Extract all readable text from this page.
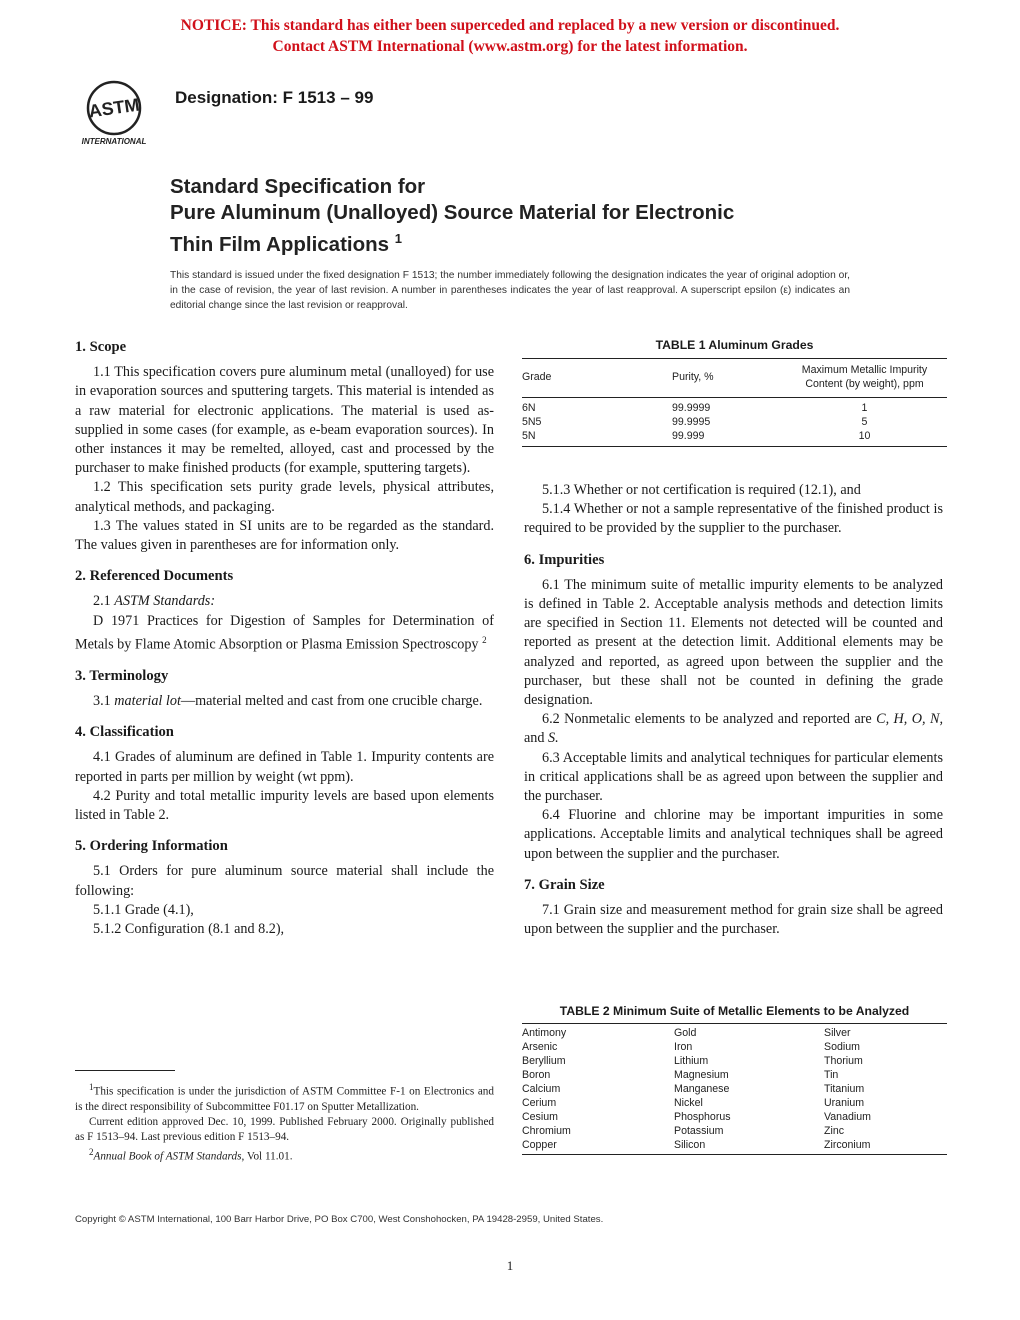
NOTICE: This standard has either been superceded and replaced by a new version or discontinued.
Contact ASTM International (www.astm.org) for the latest information.
ASTM
INTERNATIONAL
Designation: F 1513 – 99
Standard Specification for
Pure Aluminum (Unalloyed) Source Material for Electronic
Thin Film Applications $^1$
This standard is issued under the fixed designation F 1513; the number immediately following the designation indicates the year of original adoption or, in the case of revision, the year of last revision. A number in parentheses indicates the year of last reapproval. A superscript epsilon (ε) indicates an editorial change since the last revision or reapproval.
1. Scope

1.1 This specification covers pure aluminum metal (unalloyed) for use in evaporation sources and sputtering targets. This material is intended as a raw material for electronic applications. The material is used as-supplied in some cases (for example, as e-beam evaporation sources). In other instances it may be remelted, alloyed, cast and processed by the purchaser to make finished products (for example, sputtering targets).

1.2 This specification sets purity grade levels, physical attributes, analytical methods, and packaging.

1.3 The values stated in SI units are to be regarded as the standard. The values given in parentheses are for information only.

2. Referenced Documents

2.1 ASTM Standards:

D 1971 Practices for Digestion of Samples for Determination of Metals by Flame Atomic Absorption or Plasma Emission Spectroscopy $^2$

3. Terminology

3.1 material lot—material melted and cast from one crucible charge.

4. Classification

4.1 Grades of aluminum are defined in Table 1. Impurity contents are reported in parts per million by weight (wt ppm).

4.2 Purity and total metallic impurity levels are based upon elements listed in Table 2.

5. Ordering Information

5.1 Orders for pure aluminum source material shall include the following:

5.1.1 Grade (4.1),

5.1.2 Configuration (8.1 and 8.2),

TABLE 1 Aluminum Grades
Grade	Purity, %	
Maximum Metallic Impurity
Content (by weight), ppm
6N	99.9999	1
5N5	99.9995	5
5N	99.999	10

5.1.3 Whether or not certification is required (12.1), and

5.1.4 Whether or not a sample representative of the finished product is required to be provided by the supplier to the purchaser.

6. Impurities

6.1 The minimum suite of metallic impurity elements to be analyzed is defined in Table 2. Acceptable analysis methods and detection limits are specified in Section 11. Elements not detected will be counted and reported as present at the detection limit. Additional elements may be analyzed and reported, as agreed upon between the supplier and the purchaser, but these shall not be counted in defining the grade designation.

6.2 Nonmetalic elements to be analyzed and reported are C, H, O, N, and S.

6.3 Acceptable limits and analytical techniques for particular elements in critical applications shall be as agreed upon between the supplier and the purchaser.

6.4 Fluorine and chlorine may be important impurities in some applications. Acceptable limits and analytical techniques shall be agreed upon between the supplier and the purchaser.

7. Grain Size

7.1 Grain size and measurement method for grain size shall be agreed upon between the supplier and the purchaser.

TABLE 2 Minimum Suite of Metallic Elements to be Analyzed
Antimony	Gold	Silver
Arsenic	Iron	Sodium
Beryllium	Lithium	Thorium
Boron	Magnesium	Tin
Calcium	Manganese	Titanium
Cerium	Nickel	Uranium
Cesium	Phosphorus	Vanadium
Chromium	Potassium	Zinc
Copper	Silicon	Zirconium

$^1$This specification is under the jurisdiction of ASTM Committee F-1 on Electronics and is the direct responsibility of Subcommittee F01.17 on Sputter Metallization.

Current edition approved Dec. 10, 1999. Published February 2000. Originally published as F 1513–94. Last previous edition F 1513–94.

$^2$Annual Book of ASTM Standards, Vol 11.01.

Copyright © ASTM International, 100 Barr Harbor Drive, PO Box C700, West Conshohocken, PA 19428-2959, United States.
1
